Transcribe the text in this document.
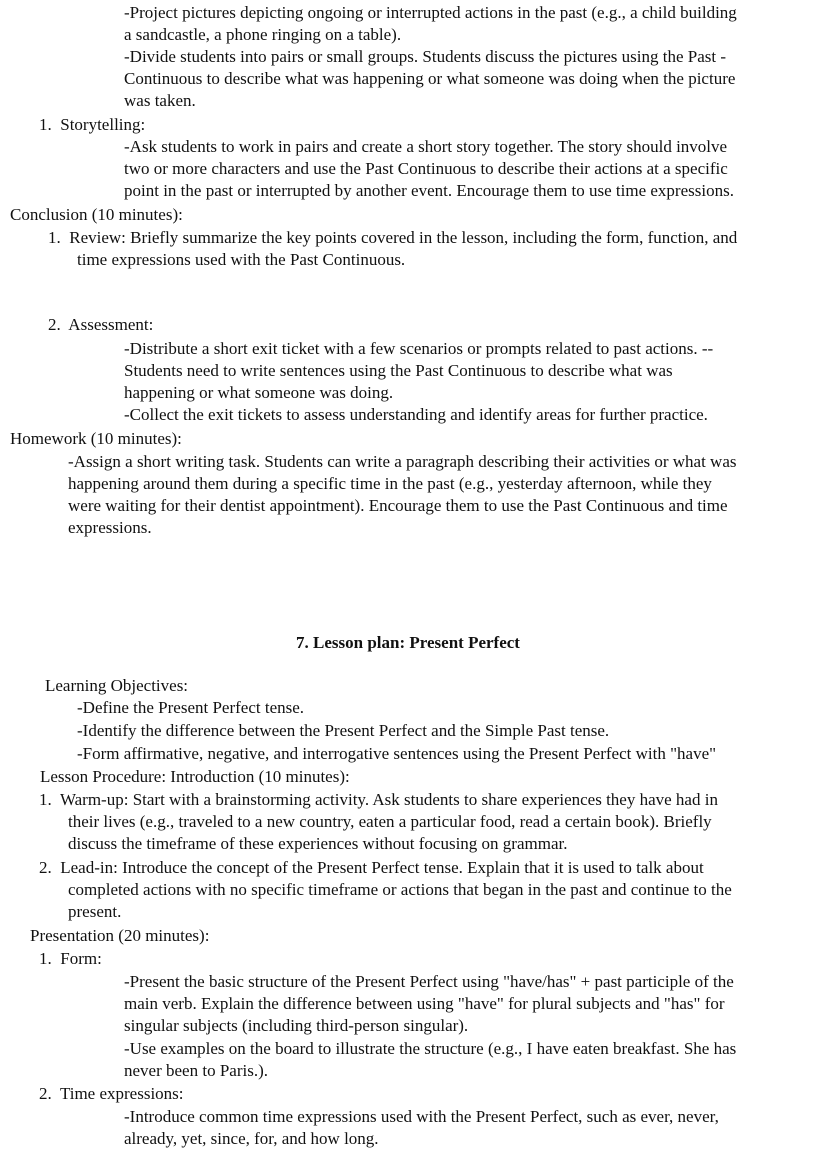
7. Lesson plan: Present Perfect

-Project pictures depicting ongoing or interrupted actions in the past (e.g., a child building

a sandcastle, a phone ringing on a table).

-Divide students into pairs or small groups. Students discuss the pictures using the Past -

Continuous to describe what was happening or what someone was doing when the picture

was taken.

1.  Storytelling:

-Ask students to work in pairs and create a short story together. The story should involve

two or more characters and use the Past Continuous to describe their actions at a specific

point in the past or interrupted by another event. Encourage them to use time expressions.

Conclusion (10 minutes):

1.  Review: Briefly summarize the key points covered in the lesson, including the form, function, and

time expressions used with the Past Continuous.

2.  Assessment:

-Distribute a short exit ticket with a few scenarios or prompts related to past actions. --

Students need to write sentences using the Past Continuous to describe what was

happening or what someone was doing.

-Collect the exit tickets to assess understanding and identify areas for further practice.

Homework (10 minutes):

-Assign a short writing task. Students can write a paragraph describing their activities or what was

happening around them during a specific time in the past (e.g., yesterday afternoon, while they

were waiting for their dentist appointment). Encourage them to use the Past Continuous and time

expressions.

Learning Objectives:

-Define the Present Perfect tense.

-Identify the difference between the Present Perfect and the Simple Past tense.

-Form affirmative, negative, and interrogative sentences using the Present Perfect with "have"

Lesson Procedure: Introduction (10 minutes):

1.  Warm-up: Start with a brainstorming activity. Ask students to share experiences they have had in

their lives (e.g., traveled to a new country, eaten a particular food, read a certain book). Briefly

discuss the timeframe of these experiences without focusing on grammar.

2.  Lead-in: Introduce the concept of the Present Perfect tense. Explain that it is used to talk about

completed actions with no specific timeframe or actions that began in the past and continue to the

present.

Presentation (20 minutes):

1.  Form:

-Present the basic structure of the Present Perfect using "have/has" + past participle of the

main verb. Explain the difference between using "have" for plural subjects and "has" for

singular subjects (including third-person singular).

-Use examples on the board to illustrate the structure (e.g., I have eaten breakfast. She has

never been to Paris.).

2.  Time expressions:

-Introduce common time expressions used with the Present Perfect, such as ever, never,

already, yet, since, for, and how long.
